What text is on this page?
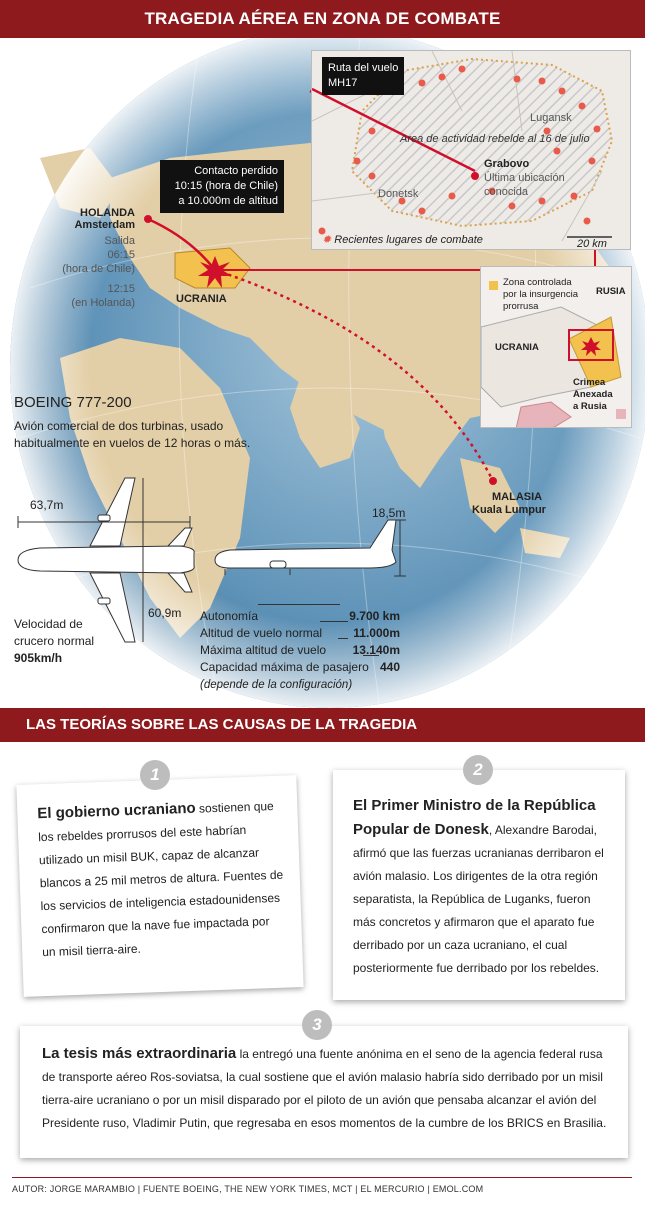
TRAGEDIA AÉREA EN ZONA DE COMBATE
HOLANDA
Amsterdam
Salida
06:15
(hora de Chile)
12:15
(en Holanda)
Contacto perdido
10:15 (hora de Chile)
a 10.000m de altitud
UCRANIA
MALASIA
Kuala Lumpur
Ruta del vuelo
MH17
Lugansk
Area de actividad rebelde al 16 de julio
Grabovo
Última ubicación
conocida
Donetsk
✹ Recientes lugares de combate	20 km
Zona controlada
por la insurgencia
prorrusa
RUSIA
UCRANIA
Crimea
Anexada
a Rusia
BOEING 777-200
Avión comercial de dos turbinas, usado
habitualmente en vuelos de 12 horas o más.
63,7m
60,9m
18,5m
Velocidad de
crucero normal
905km/h
Autonomía	9.700 km
Altitud de vuelo normal	11.000m
Máxima altitud de vuelo 13.140m
Capacidad máxima de pasajero 440
(depende de la configuración)
LAS TEORÍAS SOBRE LAS CAUSAS DE LA TRAGEDIA

El gobierno ucraniano sostienen que los rebeldes prorrusos del este habrían utilizado un misil BUK, capaz de alcanzar blancos a 25 mil metros de altura. Fuentes de los servicios de inteligencia estadounidenses confirmaron que la nave fue impactada por un misil tierra-aire.

1

El Primer Ministro de la República Popular de Donesk, Alexandre Barodai, afirmó que las fuerzas ucranianas derribaron el avión malasio. Los dirigentes de la otra región separatista, la República de Luganks, fueron más concretos y afirmaron que el aparato fue derribado por un caza ucraniano, el cual posteriormente fue derribado por los rebeldes.

2

La tesis más extraordinaria la entregó una fuente anónima en el seno de la agencia federal rusa de transporte aéreo Ros-soviatsa, la cual sostiene que el avión malasio habría sido derribado por un misil tierra-aire ucraniano o por un misil disparado por el piloto de un avión que pensaba alcanzar el avión del Presidente ruso, Vladimir Putin, que regresaba en esos momentos de la cumbre de los BRICS en Brasilia.

3
AUTOR: JORGE MARAMBIO | FUENTE BOEING, THE NEW YORK TIMES, MCT | EL MERCURIO | EMOL.COM
